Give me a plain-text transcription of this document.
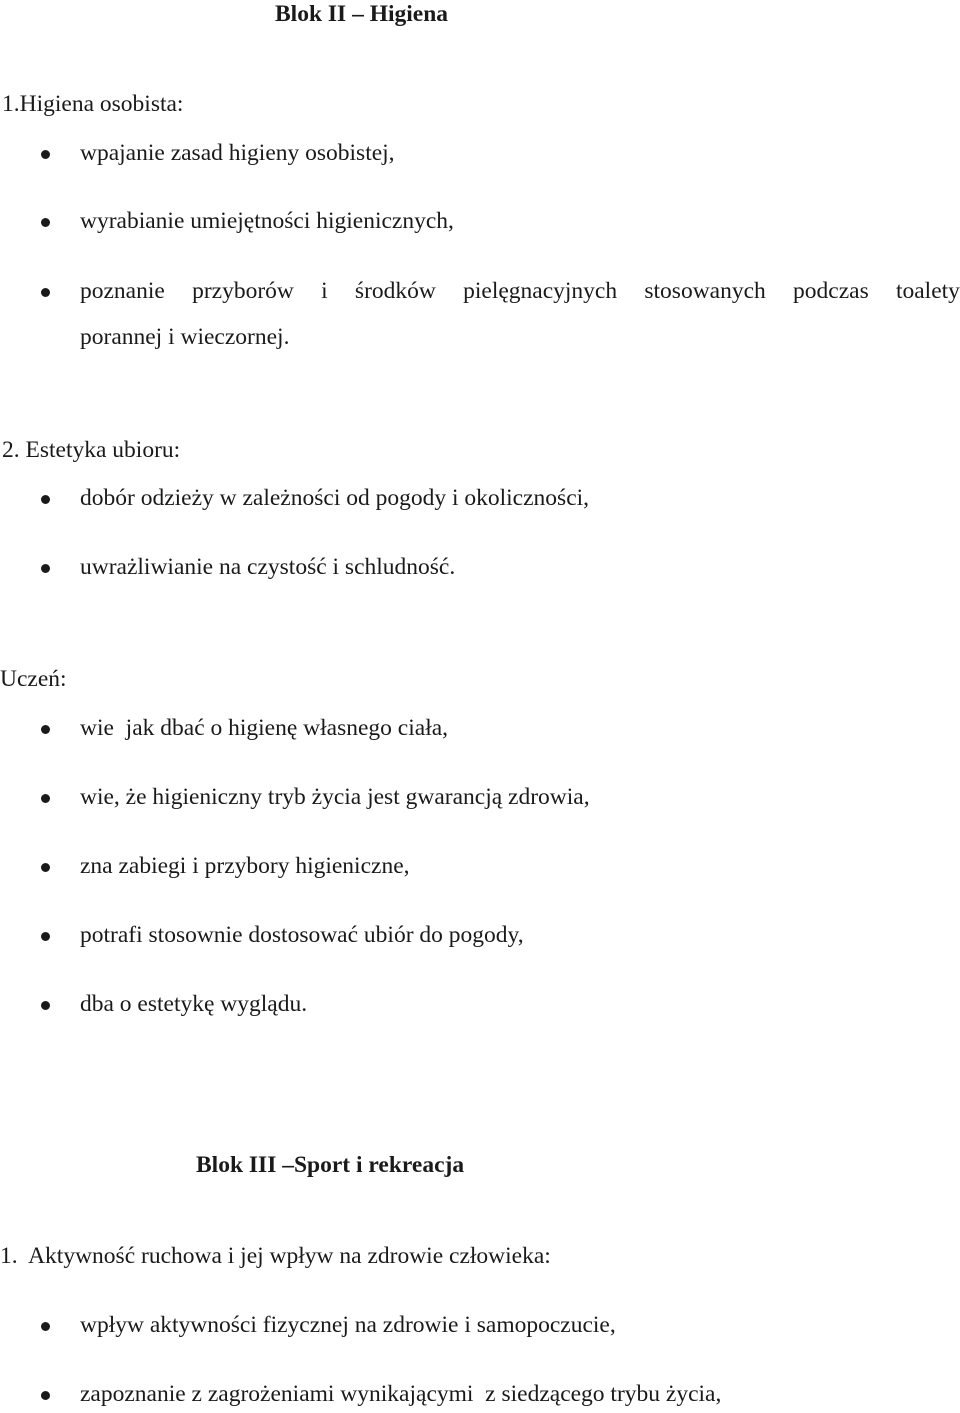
Blok II – Higiena
1.Higiena osobista:
wpajanie zasad higieny osobistej,
wyrabianie umiejętności higienicznych,
poznanie przyborów i środków pielęgnacyjnych stosowanych podczas toalety
porannej i wieczornej.
2. Estetyka ubioru:
dobór odzieży w zależności od pogody i okoliczności,
uwrażliwianie na czystość i schludność.
Uczeń:
wie  jak dbać o higienę własnego ciała,
wie, że higieniczny tryb życia jest gwarancją zdrowia,
zna zabiegi i przybory higieniczne,
potrafi stosownie dostosować ubiór do pogody,
dba o estetykę wyglądu.
Blok III –Sport i rekreacja
1.  Aktywność ruchowa i jej wpływ na zdrowie człowieka:
wpływ aktywności fizycznej na zdrowie i samopoczucie,
zapoznanie z zagrożeniami wynikającymi  z siedzącego trybu życia,
